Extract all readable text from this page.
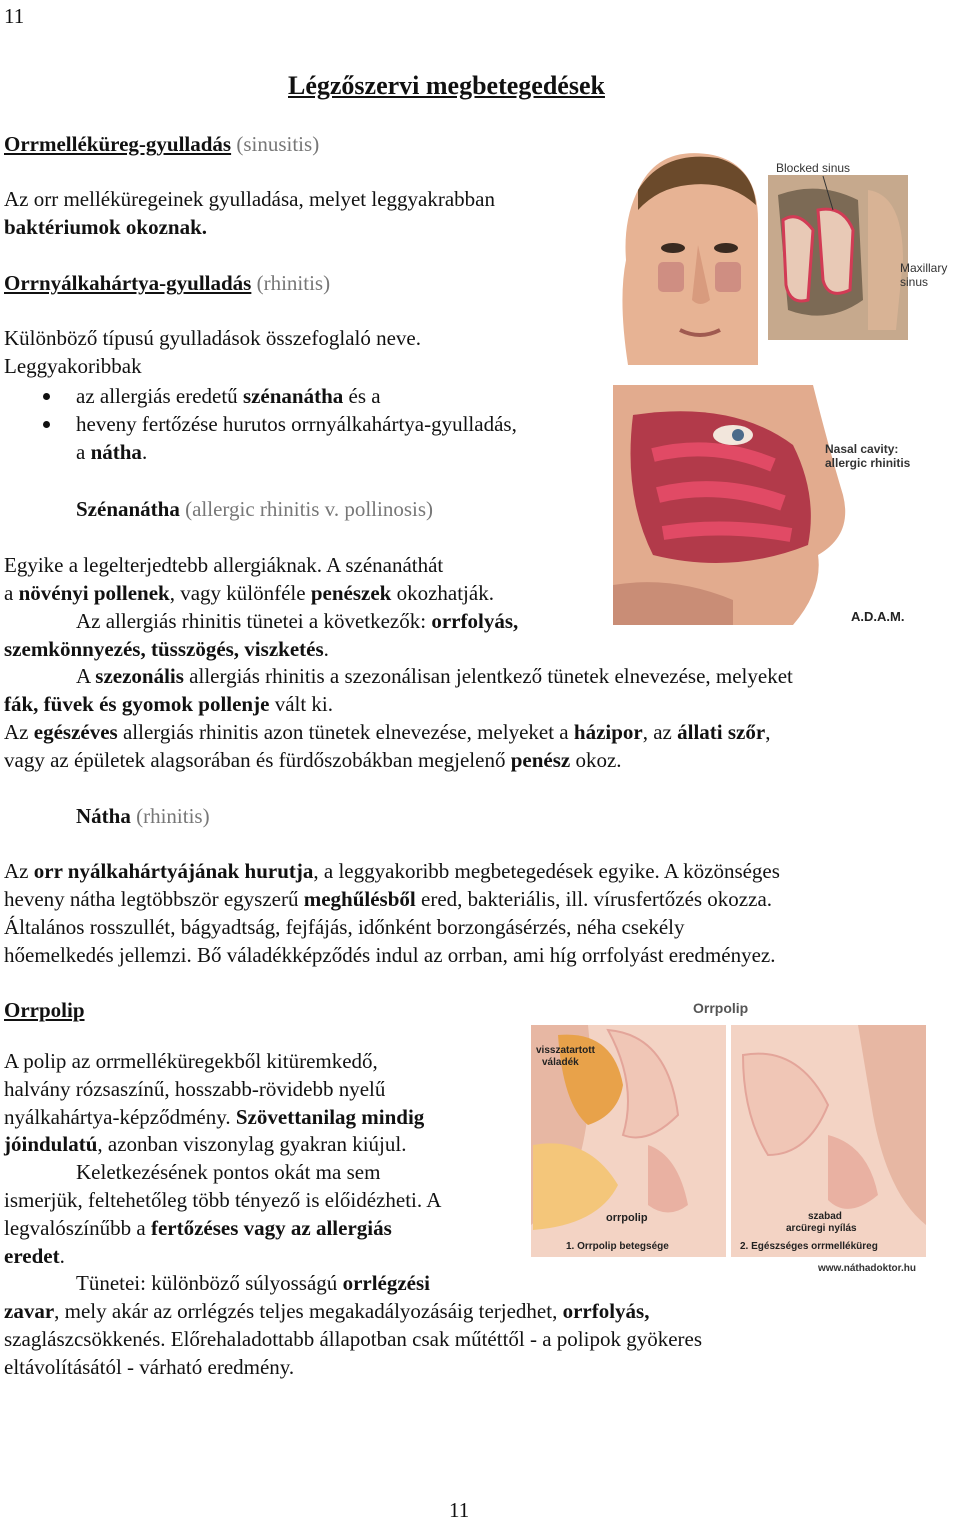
11
Légzőszervi megbetegedések
Orrmelléküreg-gyulladás (sinusitis)
Az orr melléküregeinek gyulladása, melyet leggyakrabban
baktériumok okoznak.
Orrnyálkahártya-gyulladás (rhinitis)
Különböző típusú gyulladások összefoglaló neve.
Leggyakoribbak
az allergiás eredetű szénanátha és a
heveny fertőzése hurutos orrnyálkahártya-gyulladás,
a nátha.
Szénanátha (allergic rhinitis v. pollinosis)
Egyike a legelterjedtebb allergiáknak. A szénanáthát
a növényi pollenek, vagy különféle penészek okozhatják.
Az allergiás rhinitis tünetei a következők: orrfolyás,
szemkönnyezés, tüsszögés, viszketés.
A szezonális allergiás rhinitis a szezonálisan jelentkező tünetek elnevezése, melyeket
fák, füvek és gyomok pollenje vált ki.
Az egészéves allergiás rhinitis azon tünetek elnevezése, melyeket a házipor, az állati szőr,
vagy az épületek alagsorában és fürdőszobákban megjelenő penész okoz.
Nátha (rhinitis)
Az orr nyálkahártyájának hurutja, a leggyakoribb megbetegedések egyike. A közönséges
heveny nátha legtöbbször egyszerű meghűlésből ered, bakteriális, ill. vírusfertőzés okozza.
Általános rosszullét, bágyadtság, fejfájás, időnként borzongásérzés, néha csekély
hőemelkedés jellemzi. Bő váladékképződés indul az orrban, ami híg orrfolyást eredményez.
Orrpolip
A polip az orrmelléküregekből kitüremkedő,
halvány rózsaszínű, hosszabb-rövidebb nyelű
nyálkahártya-képződmény. Szövettanilag mindig
jóindulatú, azonban viszonylag gyakran kiújul.
Keletkezésének pontos okát ma sem
ismerjük, feltehetőleg több tényező is előidézheti. A
legvalószínűbb a fertőzéses vagy az allergiás
eredet.
Tünetei: különböző súlyosságú orrlégzési
zavar, mely akár az orrlégzés teljes megakadályozásáig terjedhet, orrfolyás,
szaglászcsökkenés. Előrehaladottabb állapotban csak műtéttől - a polipok gyökeres
eltávolításától - várható eredmény.
11
Blocked sinus
Maxillary
sinus
Nasal cavity:
allergic rhinitis
A.D.A.M.
Orrpolip
visszatartott
váladék
orrpolip
1. Orrpolip betegsége
szabad
arcüregi nyílás
2. Egészséges orrmelléküreg
www.náthadoktor.hu
